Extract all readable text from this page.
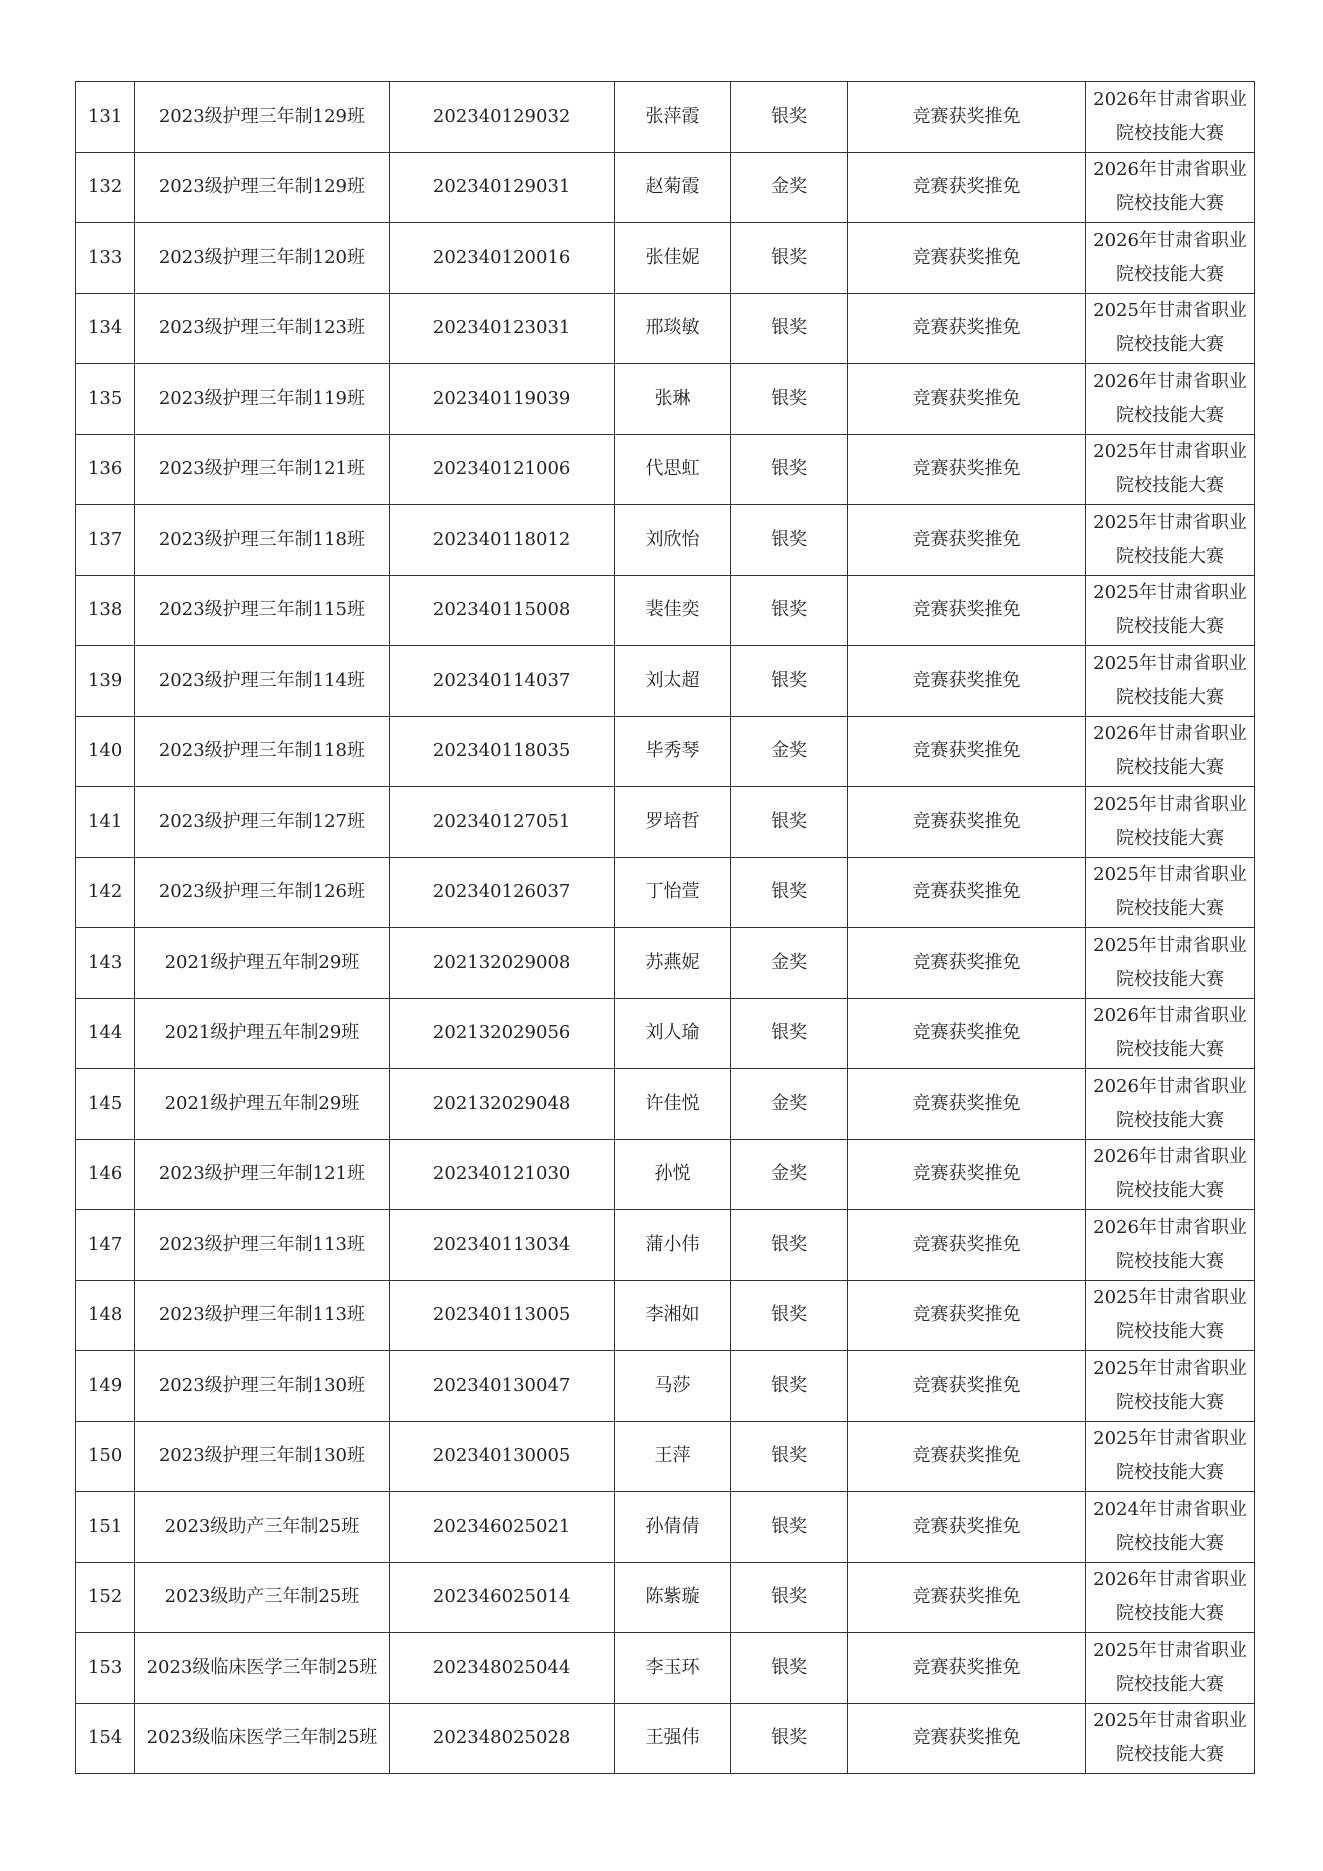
131	2023级护理三年制129班	202340129032	张萍霞	银奖	竞赛获奖推免	2026年甘肃省职业院校技能大赛
132	2023级护理三年制129班	202340129031	赵菊霞	金奖	竞赛获奖推免	2026年甘肃省职业院校技能大赛
133	2023级护理三年制120班	202340120016	张佳妮	银奖	竞赛获奖推免	2026年甘肃省职业院校技能大赛
134	2023级护理三年制123班	202340123031	邢琰敏	银奖	竞赛获奖推免	2025年甘肃省职业院校技能大赛
135	2023级护理三年制119班	202340119039	张琳	银奖	竞赛获奖推免	2026年甘肃省职业院校技能大赛
136	2023级护理三年制121班	202340121006	代思虹	银奖	竞赛获奖推免	2025年甘肃省职业院校技能大赛
137	2023级护理三年制118班	202340118012	刘欣怡	银奖	竞赛获奖推免	2025年甘肃省职业院校技能大赛
138	2023级护理三年制115班	202340115008	裴佳奕	银奖	竞赛获奖推免	2025年甘肃省职业院校技能大赛
139	2023级护理三年制114班	202340114037	刘太超	银奖	竞赛获奖推免	2025年甘肃省职业院校技能大赛
140	2023级护理三年制118班	202340118035	毕秀琴	金奖	竞赛获奖推免	2026年甘肃省职业院校技能大赛
141	2023级护理三年制127班	202340127051	罗培哲	银奖	竞赛获奖推免	2025年甘肃省职业院校技能大赛
142	2023级护理三年制126班	202340126037	丁怡萱	银奖	竞赛获奖推免	2025年甘肃省职业院校技能大赛
143	2021级护理五年制29班	202132029008	苏燕妮	金奖	竞赛获奖推免	2025年甘肃省职业院校技能大赛
144	2021级护理五年制29班	202132029056	刘人瑜	银奖	竞赛获奖推免	2026年甘肃省职业院校技能大赛
145	2021级护理五年制29班	202132029048	许佳悦	金奖	竞赛获奖推免	2026年甘肃省职业院校技能大赛
146	2023级护理三年制121班	202340121030	孙悦	金奖	竞赛获奖推免	2026年甘肃省职业院校技能大赛
147	2023级护理三年制113班	202340113034	蒲小伟	银奖	竞赛获奖推免	2026年甘肃省职业院校技能大赛
148	2023级护理三年制113班	202340113005	李湘如	银奖	竞赛获奖推免	2025年甘肃省职业院校技能大赛
149	2023级护理三年制130班	202340130047	马莎	银奖	竞赛获奖推免	2025年甘肃省职业院校技能大赛
150	2023级护理三年制130班	202340130005	王萍	银奖	竞赛获奖推免	2025年甘肃省职业院校技能大赛
151	2023级助产三年制25班	202346025021	孙倩倩	银奖	竞赛获奖推免	2024年甘肃省职业院校技能大赛
152	2023级助产三年制25班	202346025014	陈紫璇	银奖	竞赛获奖推免	2026年甘肃省职业院校技能大赛
153	2023级临床医学三年制25班	202348025044	李玉环	银奖	竞赛获奖推免	2025年甘肃省职业院校技能大赛
154	2023级临床医学三年制25班	202348025028	王强伟	银奖	竞赛获奖推免	2025年甘肃省职业院校技能大赛
